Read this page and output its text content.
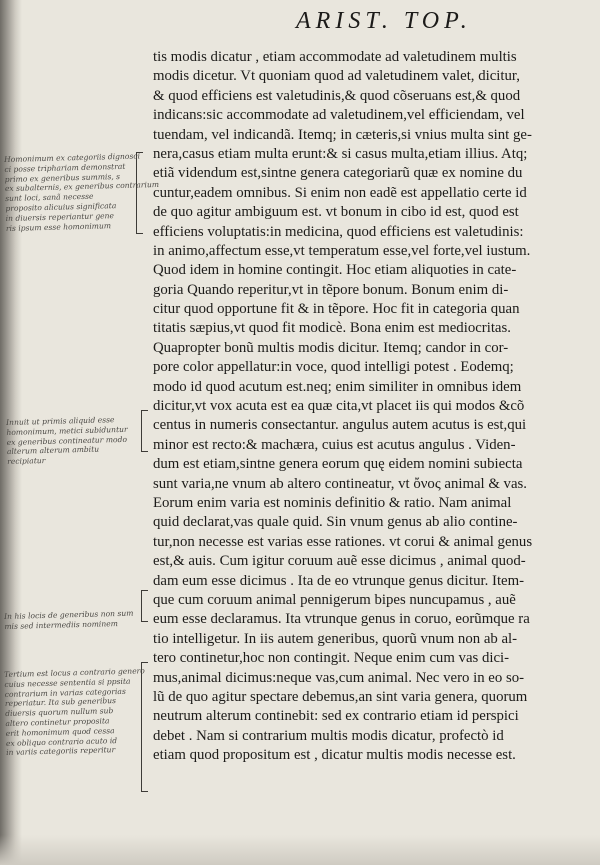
ARIST. TOP.
tis modis dicatur , etiam accommodate ad valetudinem multis
modis dicetur. Vt quoniam quod ad valetudinem valet, dicitur,
& quod efficiens est valetudinis,& quod cõseruans est,& quod
indicans:sic accommodate ad valetudinem,vel efficiendam, vel
tuendam, vel indicandã. Itemq; in cæteris,si vnius multa sint ge-
nera,casus etiam multa erunt:& si casus multa,etiam illius. Atq;
etiã videndum est,sintne genera categoriarũ quæ ex nomine du
cuntur,eadem omnibus. Si enim non eadẽ est appellatio certe id
de quo agitur ambiguum est. vt bonum in cibo id est, quod est
efficiens voluptatis:in medicina, quod efficiens est valetudinis:
in animo,affectum esse,vt temperatum esse,vel forte,vel iustum.
Quod idem in homine contingit. Hoc etiam aliquoties in cate-
goria Quando reperitur,vt in tẽpore bonum. Bonum enim di-
citur quod opportune fit & in tẽpore. Hoc fit in categoria quan
titatis sæpius,vt quod fit modicè. Bona enim est mediocritas.
Quapropter bonũ multis modis dicitur. Itemq; candor in cor-
pore color appellatur:in voce, quod intelligi potest . Eodemq;
modo id quod acutum est.neq; enim similiter in omnibus idem
dicitur,vt vox acuta est ea quæ cita,vt placet iis qui modos &cõ
centus in numeris consectantur. angulus autem acutus is est,qui
minor est recto:& machæra, cuius est acutus angulus . Viden-
dum est etiam,sintne genera eorum quę eidem nomini subiecta
sunt varia,ne vnum ab altero contineatur, vt ὄνος animal & vas.
Eorum enim varia est nominis definitio & ratio. Nam animal
quid declarat,vas quale quid. Sin vnum genus ab alio contine-
tur,non necesse est varias esse rationes. vt corui & animal genus
est,& auis. Cum igitur coruum auẽ esse dicimus , animal quod-
dam eum esse dicimus . Ita de eo vtrunque genus dicitur. Item-
que cum coruum animal pennigerum bipes nuncupamus , auẽ
eum esse declaramus. Ita vtrunque genus in coruo, eorũmque ra
tio intelligetur. In iis autem generibus, quorũ vnum non ab al-
tero continetur,hoc non contingit. Neque enim cum vas dici-
mus,animal dicimus:neque vas,cum animal. Nec vero in eo so-
lũ de quo agitur spectare debemus,an sint varia genera, quorum
neutrum alterum continebit: sed ex contrario etiam id perspici
debet . Nam si contrarium multis modis dicatur, profectò id
etiam quod propositum est , dicatur multis modis necesse est.
Homonimum ex categoriis dignosci
ci posse triphariam demonstrat
primo ex generibus summis, s
ex subalternis, ex generibus contrarium
sunt loci, sanã necesse
proposito alicuius significata
in diuersis reperiantur gene
ris ipsum esse homonimum
Innuit ut primis aliquid esse
homonimum, metici subiduntur
ex generibus contineatur modo
alterum alterum ambitu
recipiatur
In his locis de generibus non sum
mis sed intermediis nominem
Tertium est locus a contrario genero
cuius necesse sententia si ppsita
contrarium in varias categorias
reperiatur. Ita sub generibus
diuersis quorum nullum sub
altero continetur proposita
erit homonimum quod cessa
ex obliquo contrario acuto id
in variis categoriis reperitur
